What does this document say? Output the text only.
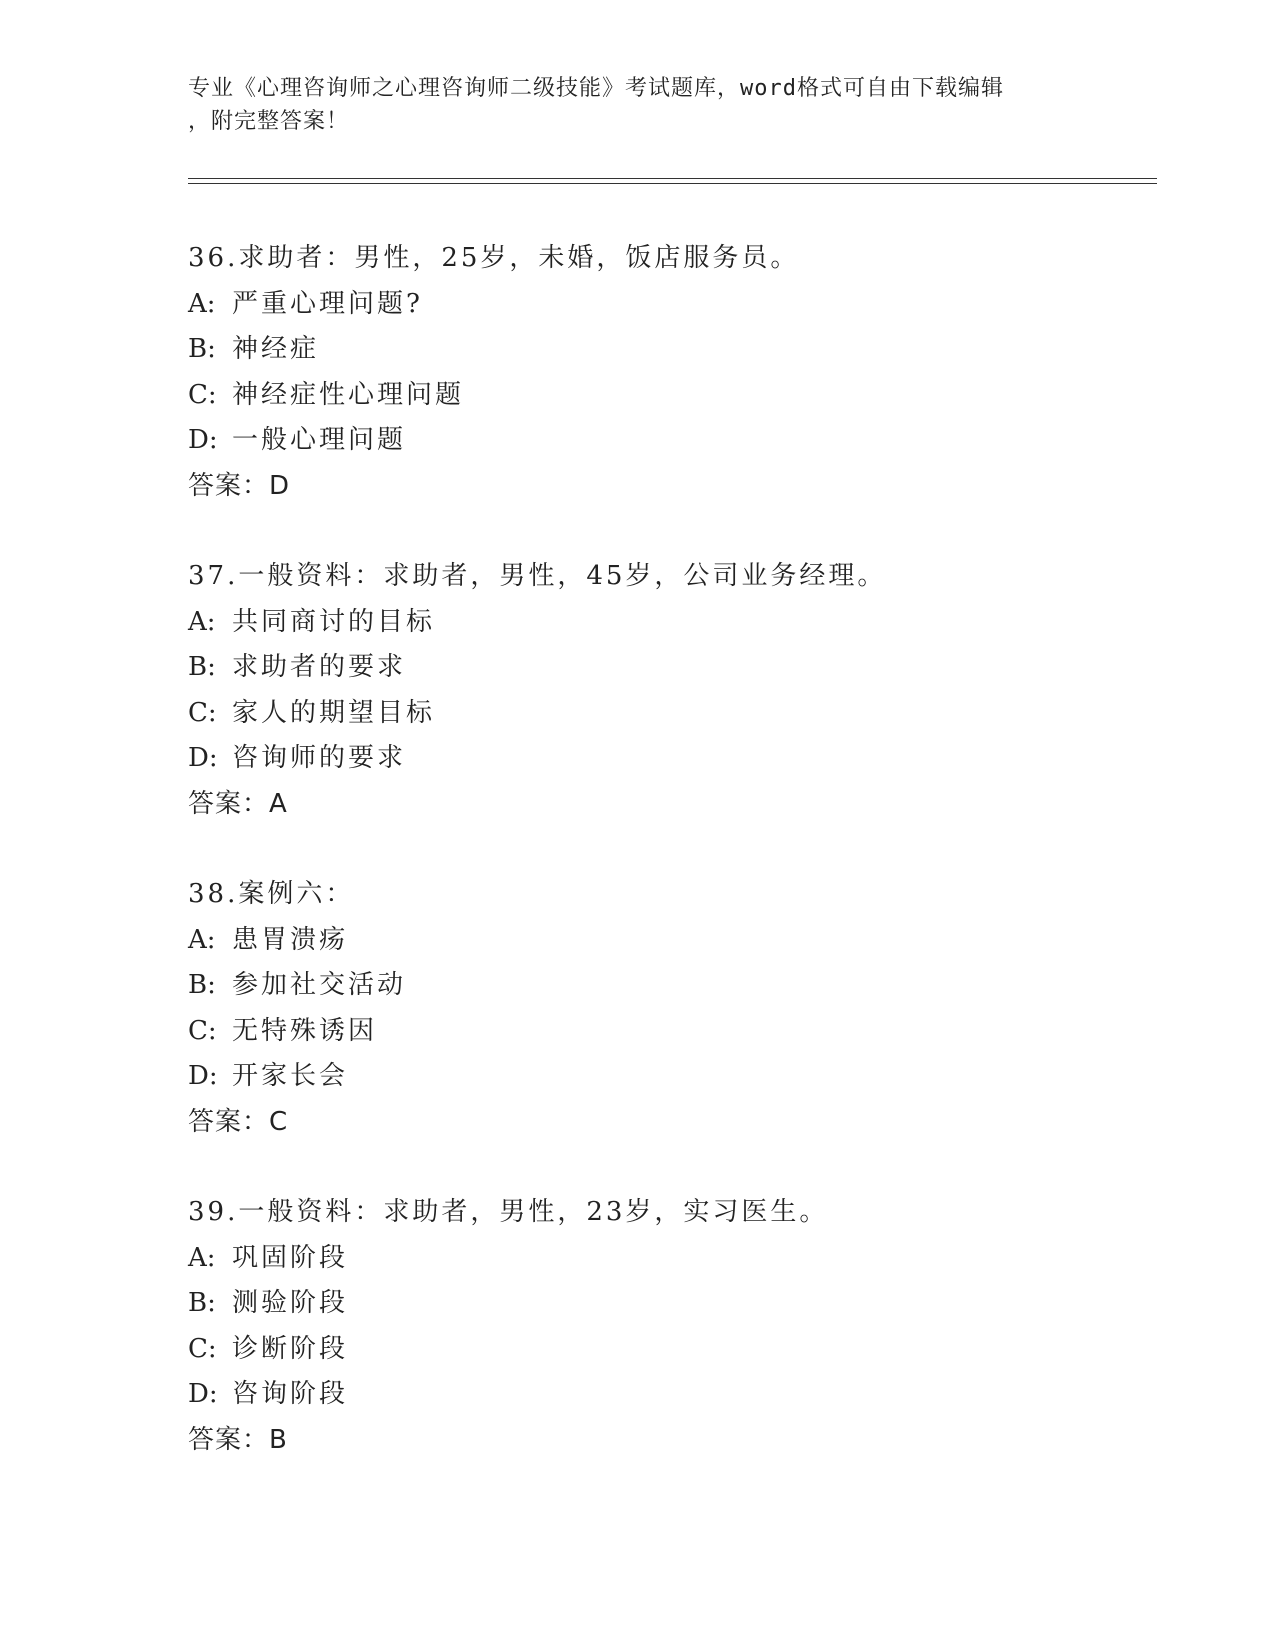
专业《心理咨询师之心理咨询师二级技能》考试题库，word格式可自由下载编辑
，附完整答案！
36.求助者：男性，25岁，未婚，饭店服务员。
A: 严重心理问题?
B: 神经症
C: 神经症性心理问题
D: 一般心理问题
答案：D
37.一般资料：求助者，男性，45岁，公司业务经理。
A: 共同商讨的目标
B: 求助者的要求
C: 家人的期望目标
D: 咨询师的要求
答案：A
38.案例六：
A: 患胃溃疡
B: 参加社交活动
C: 无特殊诱因
D: 开家长会
答案：C
39.一般资料：求助者，男性，23岁，实习医生。
A: 巩固阶段
B: 测验阶段
C: 诊断阶段
D: 咨询阶段
答案：B
